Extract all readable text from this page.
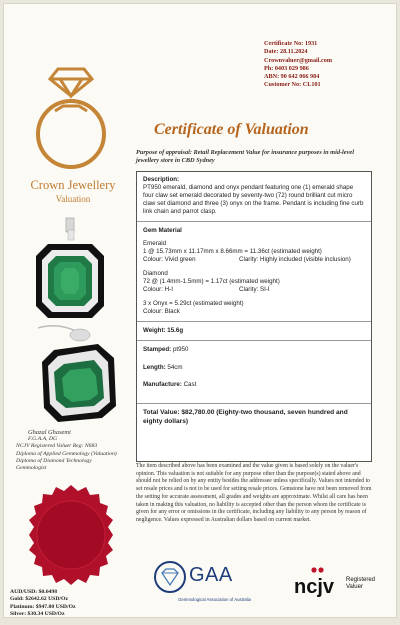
Certificate No: 1931
Date: 28.11.2024
Crownvaluer@gmail.com
Ph: 0403 029 986
ABN: 90 642 066 984
Customer No: CL101
Crown Jewellery
Valuation
Certificate of Valuation
Purpose of appraisal: Retail Replacement Value for insurance purposes in mid-level jewellery store in CBD Sydney
Description:
PT950 emerald, diamond and onyx pendant featuring one (1) emerald shape four claw set emerald decorated by seventy-two (72) round brilliant cut micro claw set diamond and three (3) onyx on the frame. Pendant is including fine curb link chain and parrot clasp.
Gem Material
Emerald
1 @ 15.73mm x 11.17mm x 8.66mm = 11.36ct (estimated weight)
Colour: Vivid green	Clarity: Highly included (visible inclusion)
Diamond
72 @ (1.4mm-1.5mm) = 1.17ct (estimated weight)
Colour: H-I	Clarity: SI-I
3 x Onyx = 5.29ct (estimated weight)
Colour: Black
Weight: 15.6g
Stamped: pt950
Length: 54cm
Manufacture: Cast
Total Value: $82,780.00 (Eighty-two thousand, seven hundred and eighty dollars)
Ghazal Ghasemi
F.G.A.A, DG
NCJV Registered Valuer Reg: N683
Diploma of Applied Gemmology (Valuation)
Diploma of Diamond Technology
Gemmologist
AUD/USD: $0.6498
Gold: $2642.62 USD/Oz
Platinum: $947.80 USD/Oz
Silver: $30.34 USD/Oz
The item described above has been examined and the value given is based solely on the valuer's opinion. This valuation is not suitable for any purpose other than the purpose(s) stated above and should not be relied on by any entity besides the addressee unless specifically. Values not intended to set resale prices and is not to be used for setting resale prices. Gemstone have not been removed from the setting for accurate assessment, all grades and weights are approximate. Whilst all care has been taken in making this valuation, no liability is accepted other than the person whom the certificate is given for any error or omissions in the certificate, including any liability to any person by reason of negligence. Values expressed in Australian dollars based on current market.
GAA
Gemmological Association of Australia
ncjv Registered
Valuer
